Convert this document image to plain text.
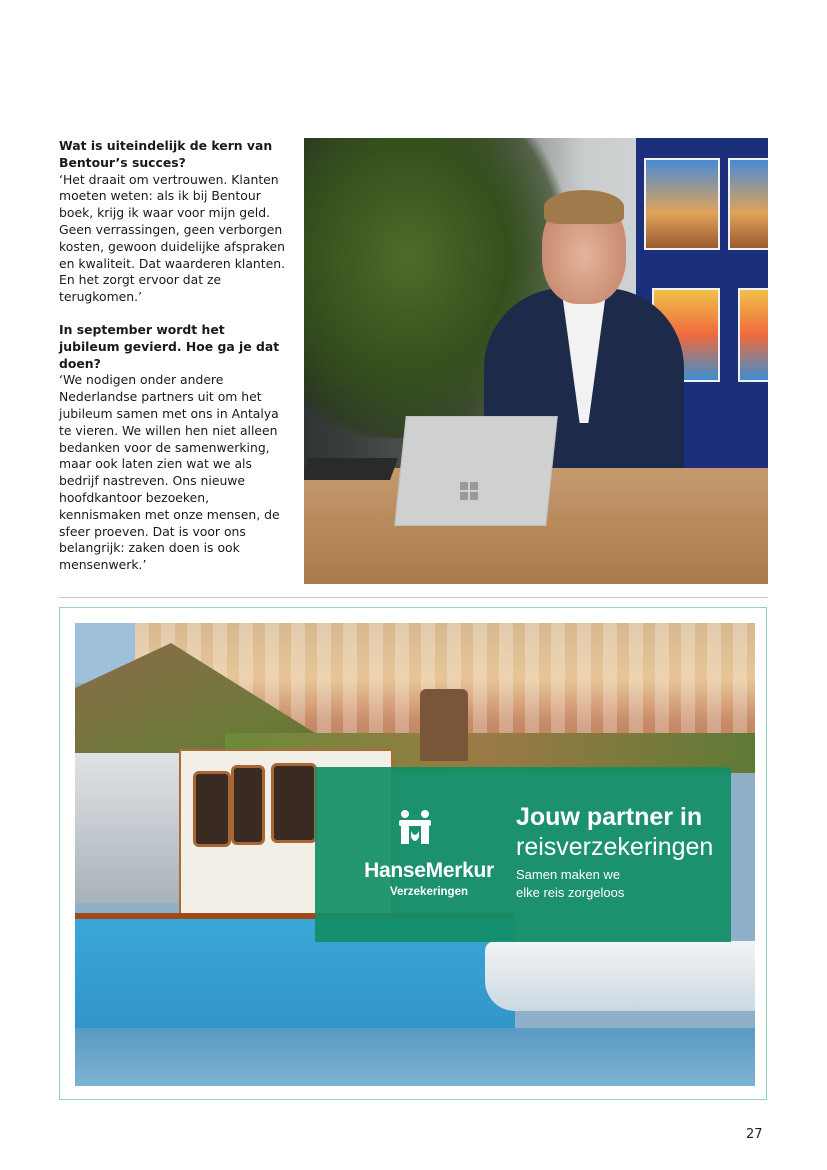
Wat is uiteindelijk de kern van Bentour’s succes?

‘Het draait om vertrouwen. Klanten moeten weten: als ik bij Bentour boek, krijg ik waar voor mijn geld. Geen verrassingen, geen verborgen kosten, gewoon duidelijke afspraken en kwaliteit. Dat waarderen klanten. En het zorgt ervoor dat ze terugkomen.’

In september wordt het jubileum gevierd. Hoe ga je dat doen?

‘We nodigen onder andere Nederlandse partners uit om het jubileum samen met ons in Antalya te vieren. We willen hen niet alleen bedanken voor de samenwerking, maar ook laten zien wat we als bedrijf nastreven. Ons nieuwe hoofdkantoor bezoeken, kennismaken met onze mensen, de sfeer proeven. Dat is voor ons belangrijk: zaken doen is ook mensenwerk.’

HanseMerkur
Verzekeringen
Jouw partner in
reisverzekeringen
Samen maken we
elke reis zorgeloos
27
